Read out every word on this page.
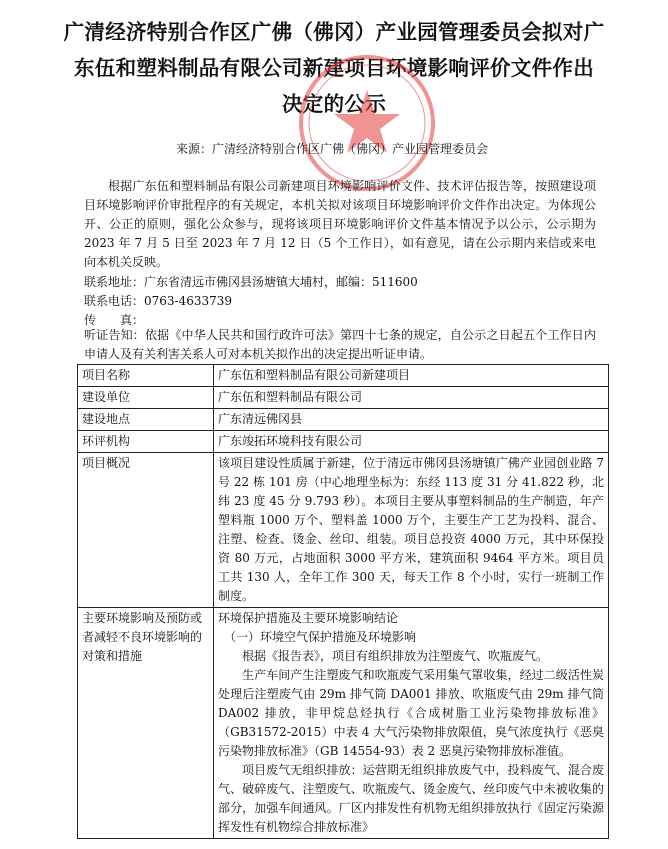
广清经济特别合作区广佛（佛冈）产业园管理委员会拟对广
东伍和塑料制品有限公司新建项目环境影响评价文件作出
决定的公示
来源：广清经济特别合作区广佛（佛冈）产业园管理委员会
根据广东伍和塑料制品有限公司新建项目环境影响评价文件、技术评估报告等，按照建设项目环境影响评价审批程序的有关规定，本机关拟对该项目环境影响评价文件作出决定。为体现公开、公正的原则，强化公众参与，现将该项目环境影响评价文件基本情况予以公示，公示期为 2023 年 7 月 5 日至 2023 年 7 月 12 日（5 个工作日），如有意见，请在公示期内来信或来电向本机关反映。
联系地址：广东省清远市佛冈县汤塘镇大埔村，邮编：511600
联系电话：0763-4633739
传　　真：
听证告知：依据《中华人民共和国行政许可法》第四十七条的规定，自公示之日起五个工作日内申请人及有关利害关系人可对本机关拟作出的决定提出听证申请。
项目名称	广东伍和塑料制品有限公司新建项目

建设单位	广东伍和塑料制品有限公司

建设地点	广东清远佛冈县

环评机构	广东竣拓环境科技有限公司

项目概况	该项目建设性质属于新建，位于清远市佛冈县汤塘镇广佛产业园创业路 7 号 22 栋 101 房（中心地理坐标为：东经 113 度 31 分 41.822 秒，北纬 23 度 45 分 9.793 秒）。本项目主要从事塑料制品的生产制造，年产塑料瓶 1000 万个、塑料盖 1000 万个，主要生产工艺为投料、混合、注塑、检查、烫金、丝印、组装。项目总投资 4000 万元，其中环保投资 80 万元，占地面积 3000 平方米，建筑面积 9464 平方米。项目员工共 130 人，全年工作 300 天，每天工作 8 个小时，实行一班制工作制度。

主要环境影响及预防或者减轻不良环境影响的对策和措施	环境保护措施及主要环境影响结论
（一）环境空气保护措施及环境影响
根据《报告表》，项目有组织排放为注塑废气、吹瓶废气。
生产车间产生注塑废气和吹瓶废气采用集气罩收集，经过二级活性炭处理后注塑废气由 29m 排气筒 DA001 排放、吹瓶废气由 29m 排气筒 DA002 排放，非甲烷总烃执行《合成树脂工业污染物排放标准》（GB31572-2015）中表 4 大气污染物排放限值，臭气浓度执行《恶臭污染物排放标准》（GB 14554-93）表 2 恶臭污染物排放标准值。
项目废气无组织排放：运营期无组织排放废气中，投料废气、混合废气、破碎废气、注塑废气、吹瓶废气、烫金废气、丝印废气中未被收集的部分，加强车间通风。厂区内排发性有机物无组织排放执行《固定污染源挥发性有机物综合排放标准》
